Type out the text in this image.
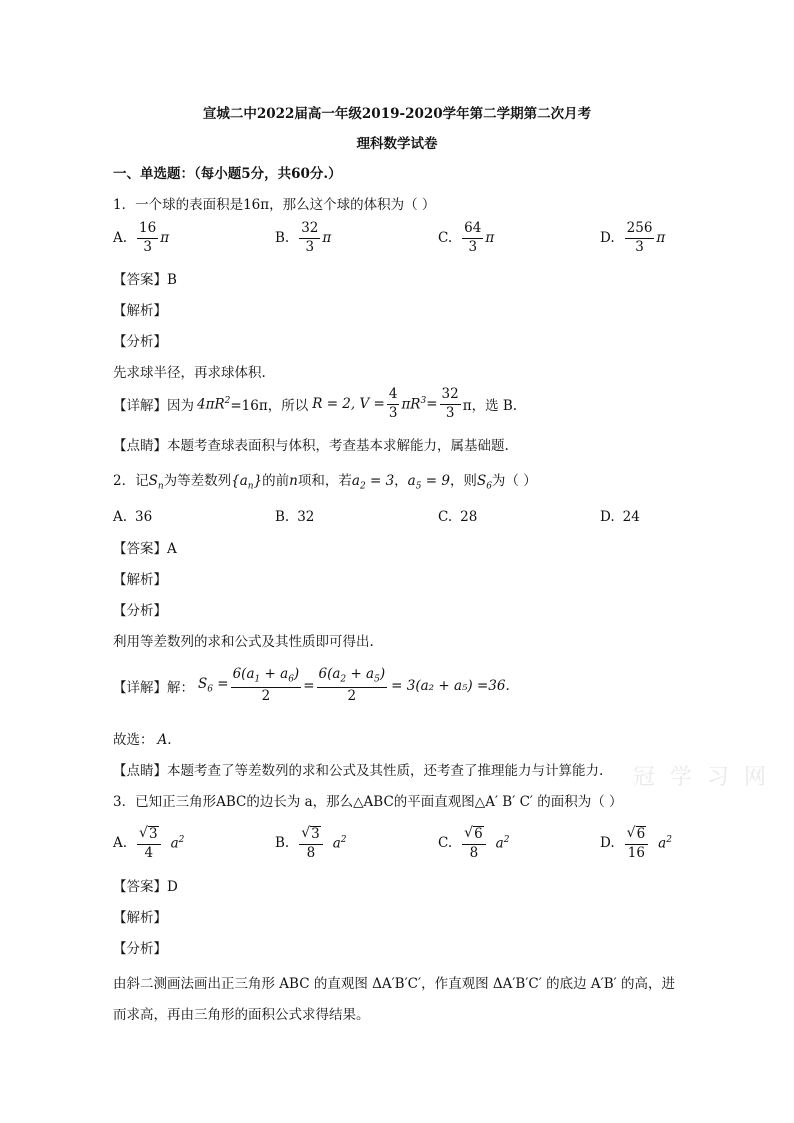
宣城二中2022届高一年级2019-2020学年第二学期第二次月考
理科数学试卷
一、单选题：（每小题5分，共60分.）
1．一个球的表面积是16π，那么这个球的体积为（ ）
A. $\frac{16}{3}$ π	B. $\frac{32}{3}$ π	C. $\frac{64}{3}$ π	D. $\frac{256}{3}$ π
【答案】B
【解析】
【分析】
先求球半径，再求球体积.
【详解】 因为 $4\pi R^2 =16\pi$，所以 R = 2, $V = \frac{4}{3} \pi R^3 = \frac{32}{3}$ π，选 B.
【点睛】本题考查球表面积与体积，考查基本求解能力，属基础题.
2．记$S_n$为等差数列$\{a_n\}$的前n项和，若$a_2 = 3$，$a_5 = 9$，则$S_6$为（ ）
A. 36	B. 32	C. 28	D. 24
【答案】A
【解析】
【分析】
利用等差数列的求和公式及其性质即可得出.
【详解】 解： $S_6 = \frac{6(a_1 + a_6)}{2} = \frac{6(a_2 + a_5)}{2} = 3(a_2 + a_5) =36$.
故选： A.
【点睛】本题考查了等差数列的求和公式及其性质，还考查了推理能力与计算能力. 冠 学 习 网
3．已知正三角形ABC的边长为 a，那么△ABC的平面直观图△A′ B′ C′ 的面积为（ ）
A. $\frac{√ 3}{4} a^2$	B. $\frac{√ 3}{8} a^2$	C. $\frac{√ 6}{8} a^2$	D. $\frac{√ 6}{16} a^2$
【答案】D
【解析】
【分析】
由斜二测画法画出正三角形 ABC 的直观图 ΔA′B′C′，作直观图 ΔA′B′C′ 的底边 A′B′ 的高，进
而求高，再由三角形的面积公式求得结果。
